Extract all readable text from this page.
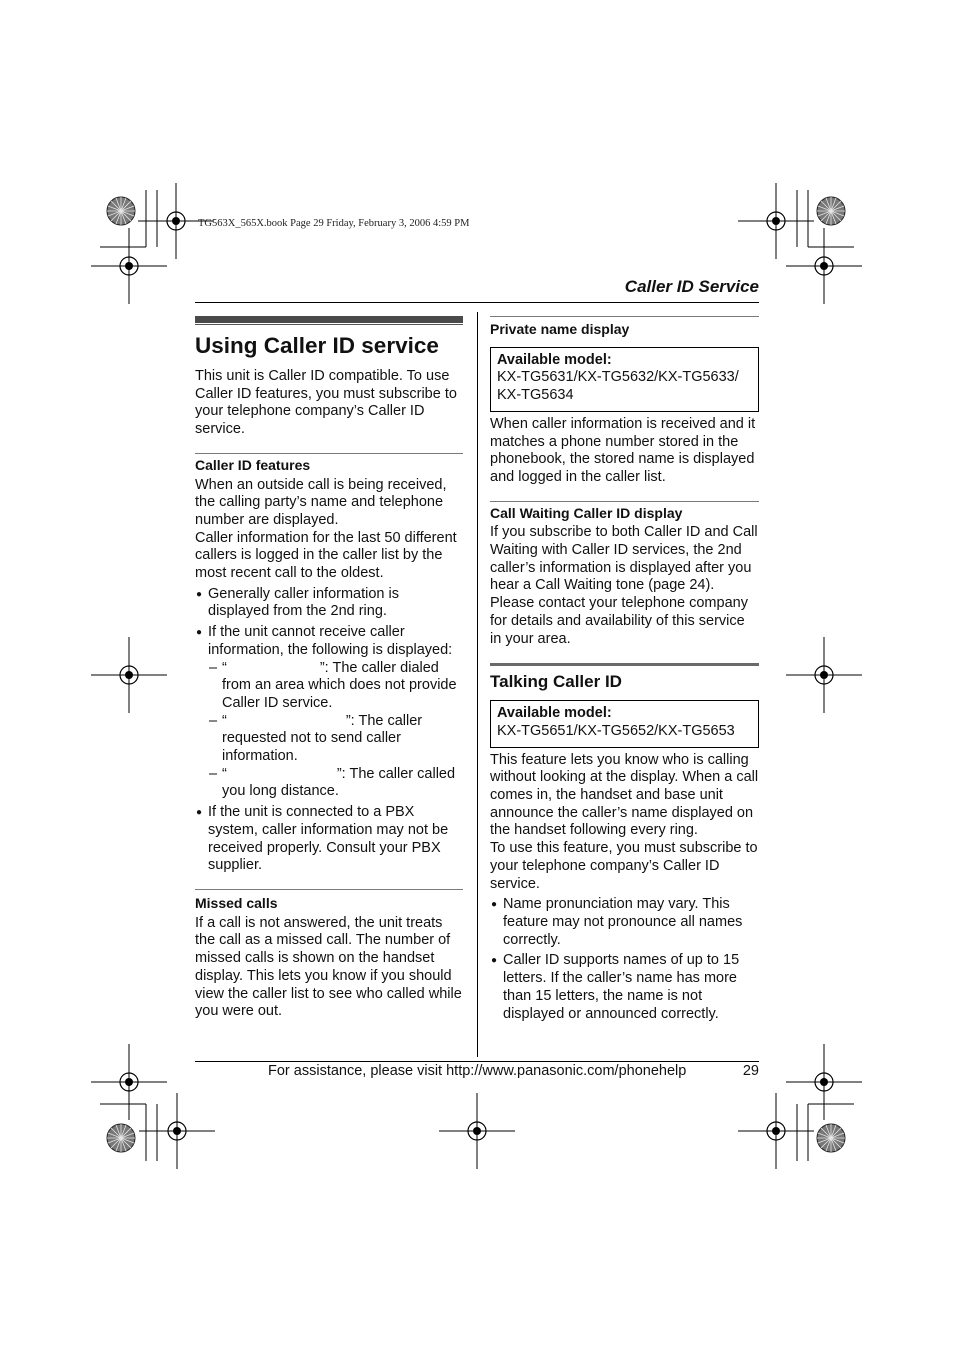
TG563X_565X.book Page 29 Friday, February 3, 2006 4:59 PM
Caller ID Service
Using Caller ID service

This unit is Caller ID compatible. To use Caller ID features, you must subscribe to your telephone company’s Caller ID service.

Caller ID features

When an outside call is being received, the calling party’s name and telephone number are displayed.

Caller information for the last 50 different callers is logged in the caller list by the most recent call to the oldest.

● Generally caller information is displayed from the 2nd ring.
● If the unit cannot receive caller information, the following is displayed:
– “	”: The caller dialed from an area which does not provide Caller ID service.
– “	”: The caller requested not to send caller information.
– “	”: The caller called you long distance.
● If the unit is connected to a PBX system, caller information may not be received properly. Consult your PBX supplier.
Missed calls

If a call is not answered, the unit treats the call as a missed call. The number of missed calls is shown on the handset display. This lets you know if you should view the caller list to see who called while you were out.

Private name display
Available model:
KX-TG5631/KX-TG5632/KX-TG5633/ KX-TG5634

When caller information is received and it matches a phone number stored in the phonebook, the stored name is displayed and logged in the caller list.

Call Waiting Caller ID display

If you subscribe to both Caller ID and Call Waiting with Caller ID services, the 2nd caller’s information is displayed after you hear a Call Waiting tone (page 24).

Please contact your telephone company for details and availability of this service in your area.

Talking Caller ID
Available model:
KX-TG5651/KX-TG5652/KX-TG5653

This feature lets you know who is calling without looking at the display. When a call comes in, the handset and base unit announce the caller’s name displayed on the handset following every ring.

To use this feature, you must subscribe to your telephone company’s Caller ID service.

● Name pronunciation may vary. This feature may not pronounce all names correctly.
● Caller ID supports names of up to 15 letters. If the caller’s name has more than 15 letters, the name is not displayed or announced correctly.
For assistance, please visit http://www.panasonic.com/phonehelp	29
